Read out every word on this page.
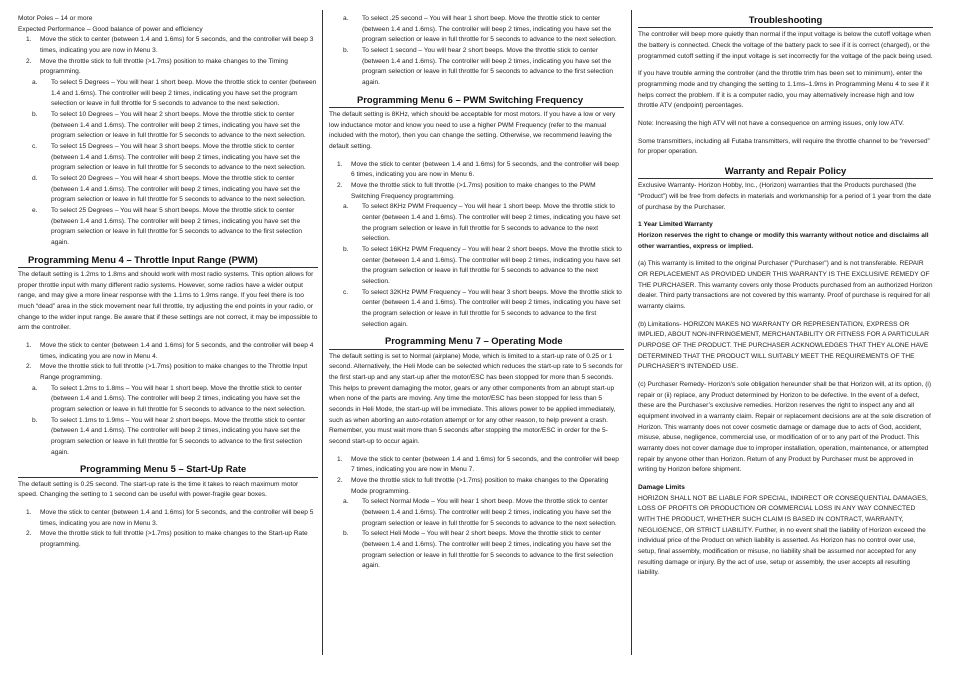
Motor Poles – 14 or more

Expected Performance – Good balance of power and efficiency

1.	Move the stick to center (between 1.4 and 1.6ms) for 5 seconds, and the controller will beep 3 times, indicating you are now in Menu 3.
2.	Move the throttle stick to full throttle (>1.7ms) position to make changes to the Timing programming.
a.	To select 5 Degrees – You will hear 1 short beep. Move the throttle stick to center (between 1.4 and 1.6ms). The controller will beep 2 times, indicating you have set the program selection or leave in full throttle for 5 seconds to advance to the next selection.
b.	To select 10 Degrees – You will hear 2 short beeps. Move the throttle stick to center (between 1.4 and 1.6ms). The controller will beep 2 times, indicating you have set the program selection or leave in full throttle for 5 seconds to advance to the next selection.
c.	To select 15 Degrees – You will hear 3 short beeps. Move the throttle stick to center (between 1.4 and 1.6ms). The controller will beep 2 times, indicating you have set the program selection or leave in full throttle for 5 seconds to advance to the next selection.
d.	To select 20 Degrees – You will hear 4 short beeps. Move the throttle stick to center (between 1.4 and 1.6ms). The controller will beep 2 times, indicating you have set the program selection or leave in full throttle for 5 seconds to advance to the next selection.
e.	To select 25 Degrees – You will hear 5 short beeps. Move the throttle stick to center (between 1.4 and 1.6ms). The controller will beep 2 times, indicating you have set the program selection or leave in full throttle for 5 seconds to advance to the first selection again.
Programming Menu 4 – Throttle Input Range (PWM)

The default setting is 1.2ms to 1.8ms and should work with most radio systems. This option allows for proper throttle input with many different radio systems. However, some radios have a wider output range, and may give a more linear response with the 1.1ms to 1.9ms range. If you feel there is too much “dead” area in the stick movement near full throttle, try adjusting the end points in your radio, or change to the wider input range. Be aware that if these settings are not correct, it may be impossible to arm the controller.

1.	Move the stick to center (between 1.4 and 1.6ms) for 5 seconds, and the controller will beep 4 times, indicating you are now in Menu 4.
2.	Move the throttle stick to full throttle (>1.7ms) position to make changes to the Throttle Input Range programming.
a.	To select 1.2ms to 1.8ms – You will hear 1 short beep. Move the throttle stick to center (between 1.4 and 1.6ms). The controller will beep 2 times, indicating you have set the program selection or leave in full throttle for 5 seconds to advance to the next selection.
b.	To select 1.1ms to 1.9ms – You will hear 2 short beeps. Move the throttle stick to center (between 1.4 and 1.6ms). The controller will beep 2 times, indicating you have set the program selection or leave in full throttle for 5 seconds to advance to the first selection again.
Programming Menu 5 – Start-Up Rate

The default setting is 0.25 second. The start-up rate is the time it takes to reach maximum motor speed. Changing the setting to 1 second can be useful with power-fragile gear boxes.

1.	Move the stick to center (between 1.4 and 1.6ms) for 5 seconds, and the controller will beep 5 times, indicating you are now in Menu 3.
2.	Move the throttle stick to full throttle (>1.7ms) position to make changes to the Start-up Rate programming.
a.	To select .25 second – You will hear 1 short beep. Move the throttle stick to center (between 1.4 and 1.6ms). The controller will beep 2 times, indicating you have set the program selection or leave in full throttle for 5 seconds to advance to the next selection.
b.	To select 1 second – You will hear 2 short beeps. Move the throttle stick to center (between 1.4 and 1.6ms). The controller will beep 2 times, indicating you have set the program selection or leave in full throttle for 5 seconds to advance to the first selection again.
Programming Menu 6 – PWM Switching Frequency

The default setting is 8KHz, which should be acceptable for most motors. If you have a low or very low inductance motor and know you need to use a higher PWM Frequency (refer to the manual included with the motor), then you can change the setting. Otherwise, we recommend leaving the default setting.

1.	Move the stick to center (between 1.4 and 1.6ms) for 5 seconds, and the controller will beep 6 times, indicating you are now in Menu 6.
2.	Move the throttle stick to full throttle (>1.7ms) position to make changes to the PWM Switching Frequency programming.
a.	To select 8KHz PWM Frequency – You will hear 1 short beep. Move the throttle stick to center (between 1.4 and 1.6ms). The controller will beep 2 times, indicating you have set the program selection or leave in full throttle for 5 seconds to advance to the next selection.
b.	To select 16KHz PWM Frequency – You will hear 2 short beeps. Move the throttle stick to center (between 1.4 and 1.6ms). The controller will beep 2 times, indicating you have set the program selection or leave in full throttle for 5 seconds to advance to the next selection.
c.	To select 32KHz PWM Frequency – You will hear 3 short beeps. Move the throttle stick to center (between 1.4 and 1.6ms). The controller will beep 2 times, indicating you have set the program selection or leave in full throttle for 5 seconds to advance to the first selection again.
Programming Menu 7 – Operating Mode

The default setting is set to Normal (airplane) Mode, which is limited to a start-up rate of 0.25 or 1 second. Alternatively, the Heli Mode can be selected which reduces the start-up rate to 5 seconds for the first start-up and any start-up after the motor/ESC has been stopped for more than 5 seconds. This helps to prevent damaging the motor, gears or any other components from an abrupt start-up when none of the parts are moving. Any time the motor/ESC has been stopped for less than 5 seconds in Heli Mode, the start-up will be immediate. This allows power to be applied immediately, such as when aborting an auto-rotation attempt or for any other reason, to help prevent a crash. Remember, you must wait more than 5 seconds after stopping the motor/ESC in order for the 5-second start-up to occur again.

1.	Move the stick to center (between 1.4 and 1.6ms) for 5 seconds, and the controller will beep 7 times, indicating you are now in Menu 7.
2.	Move the throttle stick to full throttle (>1.7ms) position to make changes to the Operating Mode programming.
a.	To select Normal Mode – You will hear 1 short beep. Move the throttle stick to center (between 1.4 and 1.6ms). The controller will beep 2 times, indicating you have set the program selection or leave in full throttle for 5 seconds to advance to the next selection.
b.	To select Heli Mode – You will hear 2 short beeps. Move the throttle stick to center (between 1.4 and 1.6ms). The controller will beep 2 times, indicating you have set the program selection or leave in full throttle for 5 seconds to advance to the first selection again.
Troubleshooting

The controller will beep more quietly than normal if the input voltage is below the cutoff voltage when the battery is connected. Check the voltage of the battery pack to see if it is correct (charged), or the programmed cutoff setting if the input voltage is set incorrectly for the voltage of the pack being used.

If you have trouble arming the controller (and the throttle trim has been set to minimum), enter the programming mode and try changing the setting to 1.1ms–1.9ms in Programming Menu 4 to see if it helps correct the problem. If it is a computer radio, you may alternatively increase high and low throttle ATV (endpoint) percentages.

Note: Increasing the high ATV will not have a consequence on arming issues, only low ATV.

Some transmitters, including all Futaba transmitters, will require the throttle channel to be “reversed” for proper operation.

Warranty and Repair Policy

Exclusive Warranty- Horizon Hobby, Inc., (Horizon) warranties that the Products purchased (the “Product”) will be free from defects in materials and workmanship for a period of 1 year from the date of purchase by the Purchaser.

1 Year Limited Warranty

Horizon reserves the right to change or modify this warranty without notice and disclaims all other warranties, express or implied.

(a) This warranty is limited to the original Purchaser (“Purchaser”) and is not transferable. REPAIR OR REPLACEMENT AS PROVIDED UNDER THIS WARRANTY IS THE EXCLUSIVE REMEDY OF THE PURCHASER. This warranty covers only those Products purchased from an authorized Horizon dealer. Third party transactions are not covered by this warranty. Proof of purchase is required for all warranty claims.

(b) Limitations- HORIZON MAKES NO WARRANTY OR REPRESENTATION, EXPRESS OR IMPLIED, ABOUT NON-INFRINGEMENT, MERCHANTABILITY OR FITNESS FOR A PARTICULAR PURPOSE OF THE PRODUCT. THE PURCHASER ACKNOWLEDGES THAT THEY ALONE HAVE DETERMINED THAT THE PRODUCT WILL SUITABLY MEET THE REQUIREMENTS OF THE PURCHASER’S INTENDED USE.

(c) Purchaser Remedy- Horizon’s sole obligation hereunder shall be that Horizon will, at its option, (i) repair or (ii) replace, any Product determined by Horizon to be defective. In the event of a defect, these are the Purchaser’s exclusive remedies. Horizon reserves the right to inspect any and all equipment involved in a warranty claim. Repair or replacement decisions are at the sole discretion of Horizon. This warranty does not cover cosmetic damage or damage due to acts of God, accident, misuse, abuse, negligence, commercial use, or modification of or to any part of the Product. This warranty does not cover damage due to improper installation, operation, maintenance, or attempted repair by anyone other than Horizon. Return of any Product by Purchaser must be approved in writing by Horizon before shipment.

Damage Limits

HORIZON SHALL NOT BE LIABLE FOR SPECIAL, INDIRECT OR CONSEQUENTIAL DAMAGES, LOSS OF PROFITS OR PRODUCTION OR COMMERCIAL LOSS IN ANY WAY CONNECTED WITH THE PRODUCT, WHETHER SUCH CLAIM IS BASED IN CONTRACT, WARRANTY, NEGLIGENCE, OR STRICT LIABILITY. Further, in no event shall the liability of Horizon exceed the individual price of the Product on which liability is asserted. As Horizon has no control over use, setup, final assembly, modification or misuse, no liability shall be assumed nor accepted for any resulting damage or injury. By the act of use, setup or assembly, the user accepts all resulting liability.
